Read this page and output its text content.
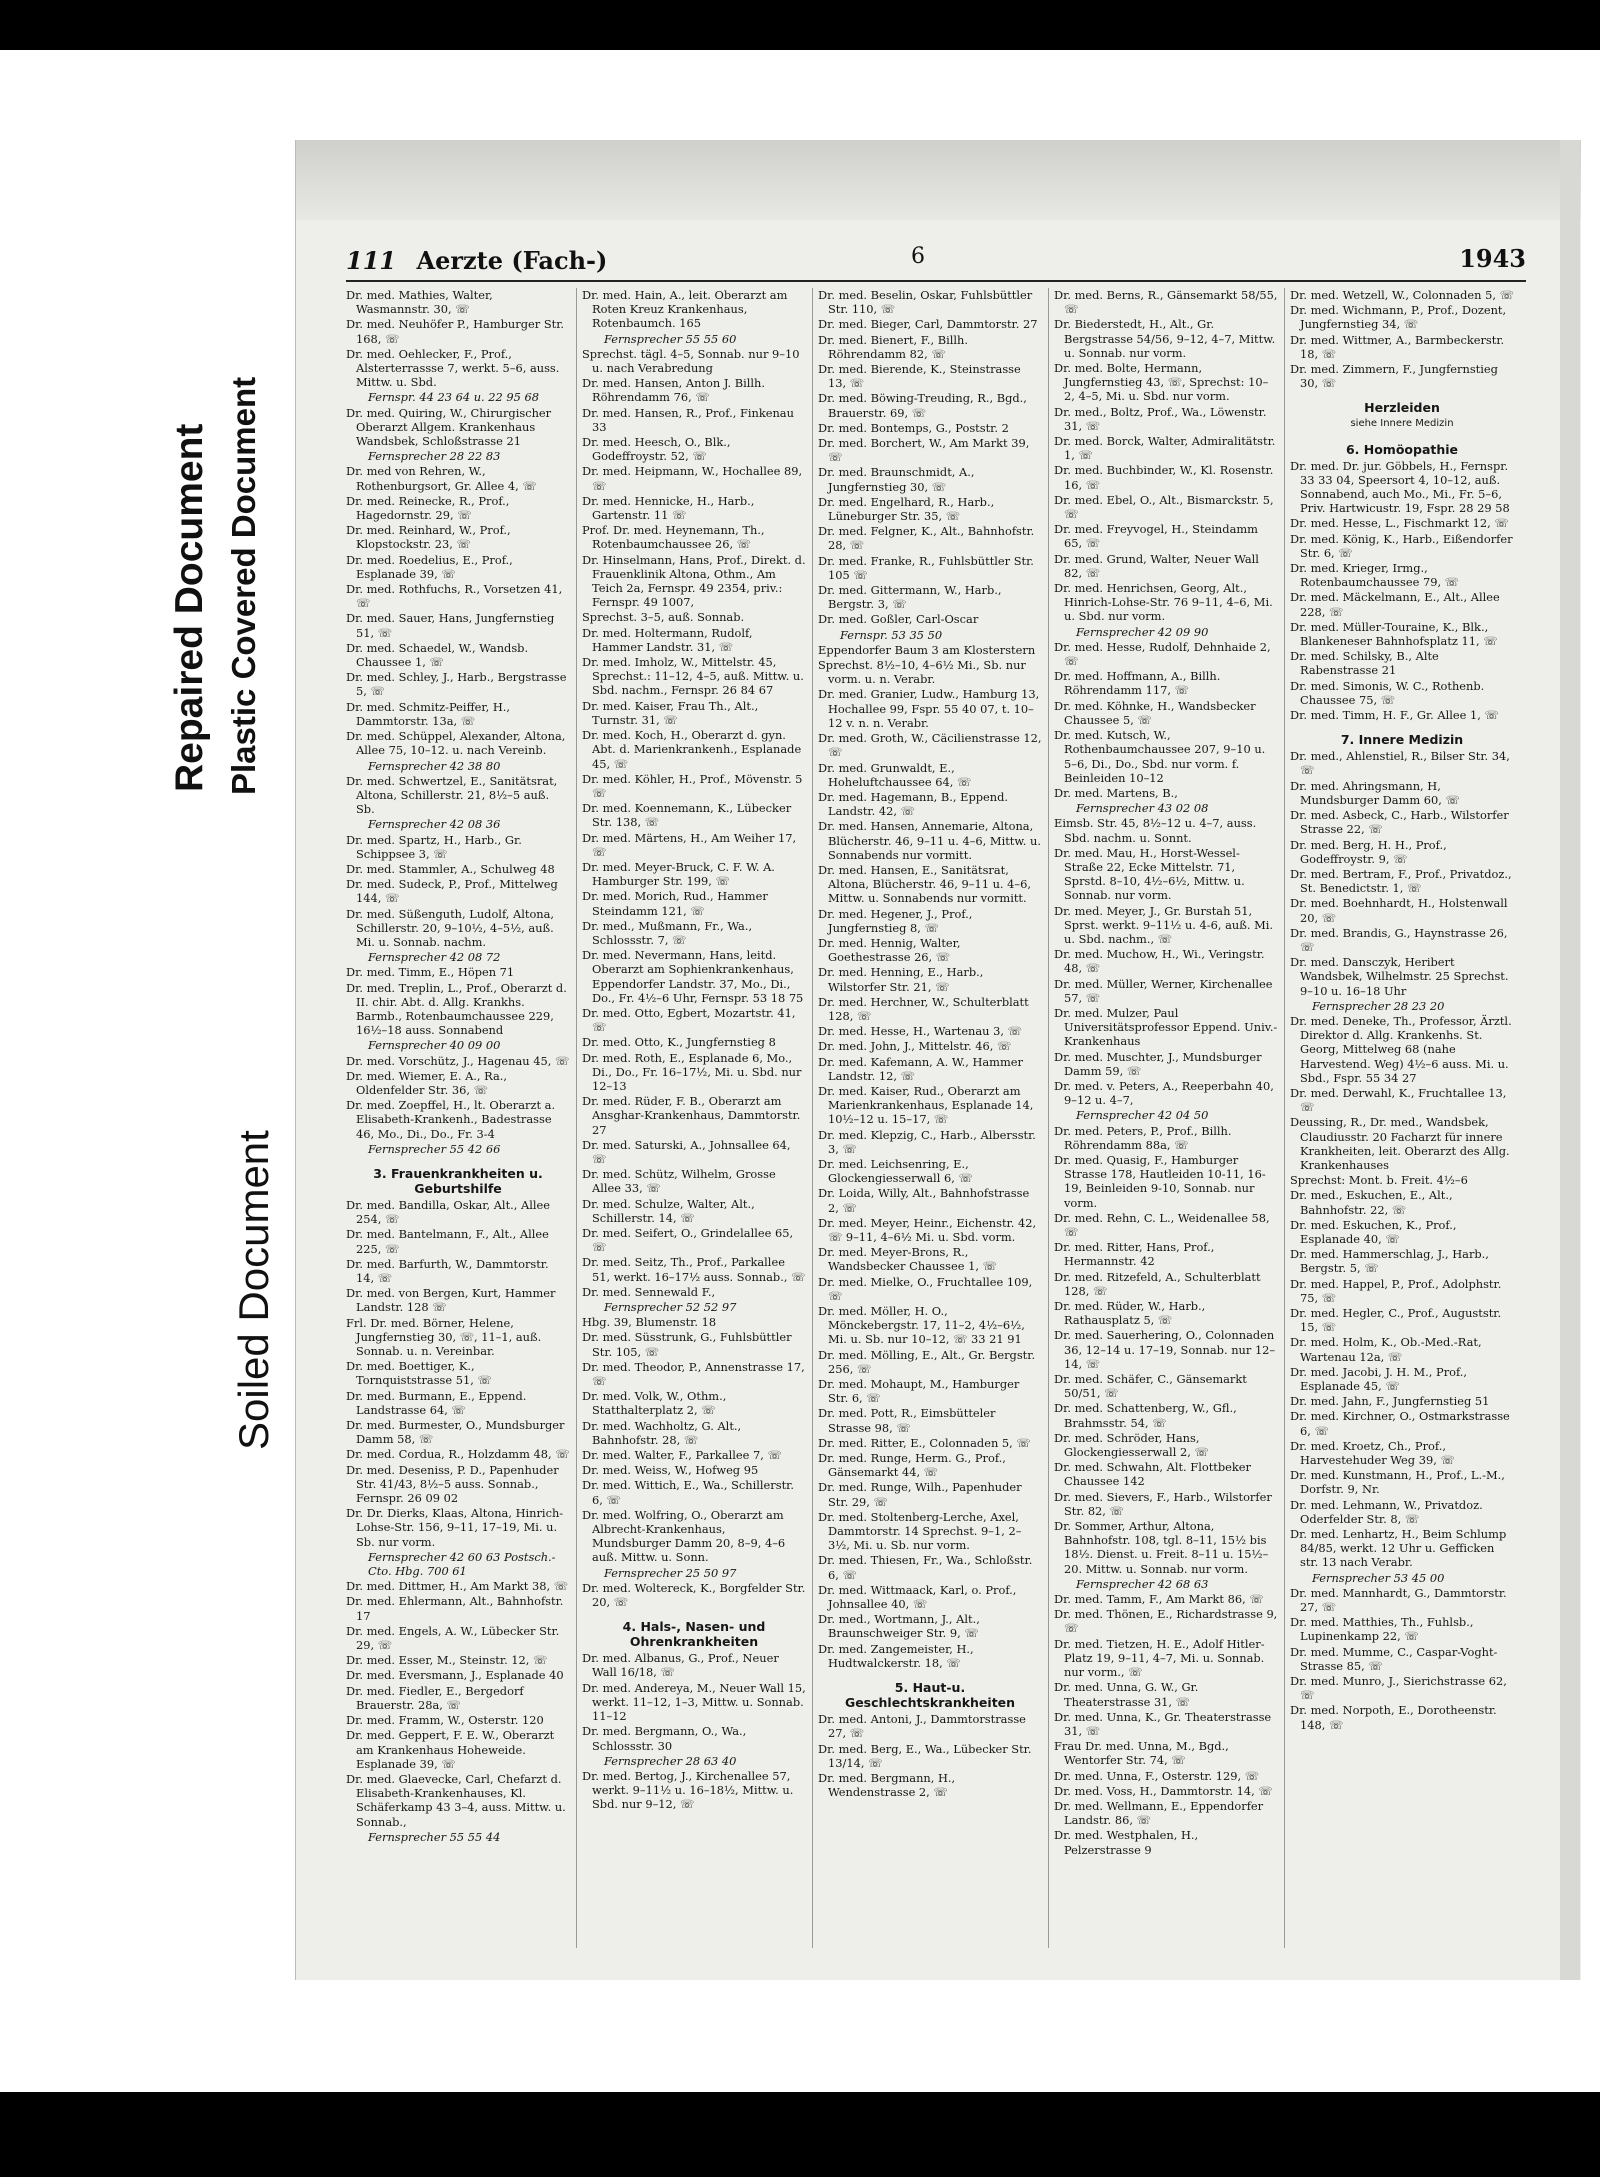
Repaired Document Plastic Covered Document
Soiled Document
111 Aerzte (Fach-)	6	1943
Dr. med. Mathies, Walter, Wasmannstr. 30, ☏
Dr. med. Neuhöfer P., Hamburger Str. 168, ☏
Dr. med. Oehlecker, F., Prof., Alsterterrassse 7, werkt. 5–6, auss. Mittw. u. Sbd.
Fernspr. 44 23 64 u. 22 95 68
Dr. med. Quiring, W., Chirurgischer Oberarzt Allgem. Krankenhaus Wandsbek, Schloßstrasse 21
Fernsprecher 28 22 83
Dr. med von Rehren, W., Rothenburgsort, Gr. Allee 4, ☏
Dr. med. Reinecke, R., Prof., Hagedornstr. 29, ☏
Dr. med. Reinhard, W., Prof., Klopstockstr. 23, ☏
Dr. med. Roedelius, E., Prof., Esplanade 39, ☏
Dr. med. Rothfuchs, R., Vorsetzen 41, ☏
Dr. med. Sauer, Hans, Jungfernstieg 51, ☏
Dr. med. Schaedel, W., Wandsb. Chaussee 1, ☏
Dr. med. Schley, J., Harb., Bergstrasse 5, ☏
Dr. med. Schmitz-Peiffer, H., Dammtorstr. 13a, ☏
Dr. med. Schüppel, Alexander, Altona, Allee 75, 10–12. u. nach Vereinb.
Fernsprecher 42 38 80
Dr. med. Schwertzel, E., Sanitätsrat, Altona, Schillerstr. 21, 8½–5 auß. Sb.
Fernsprecher 42 08 36
Dr. med. Spartz, H., Harb., Gr. Schippsee 3, ☏
Dr. med. Stammler, A., Schulweg 48
Dr. med. Sudeck, P., Prof., Mittelweg 144, ☏
Dr. med. Süßenguth, Ludolf, Altona, Schillerstr. 20, 9–10½, 4–5½, auß. Mi. u. Sonnab. nachm.
Fernsprecher 42 08 72
Dr. med. Timm, E., Höpen 71
Dr. med. Treplin, L., Prof., Oberarzt d. II. chir. Abt. d. Allg. Krankhs. Barmb., Rotenbaumchaussee 229, 16½–18 auss. Sonnabend
Fernsprecher 40 09 00
Dr. med. Vorschütz, J., Hagenau 45, ☏
Dr. med. Wiemer, E. A., Ra., Oldenfelder Str. 36, ☏
Dr. med. Zoepffel, H., lt. Oberarzt a. Elisabeth-Krankenh., Badestrasse 46, Mo., Di., Do., Fr. 3-4
Fernsprecher 55 42 66
3. Frauenkrankheiten u. Geburtshilfe
Dr. med. Bandilla, Oskar, Alt., Allee 254, ☏
Dr. med. Bantelmann, F., Alt., Allee 225, ☏
Dr. med. Barfurth, W., Dammtorstr. 14, ☏
Dr. med. von Bergen, Kurt, Hammer Landstr. 128 ☏
Frl. Dr. med. Börner, Helene, Jungfernstieg 30, ☏, 11–1, auß. Sonnab. u. n. Vereinbar.
Dr. med. Boettiger, K., Tornquiststrasse 51, ☏
Dr. med. Burmann, E., Eppend. Landstrasse 64, ☏
Dr. med. Burmester, O., Mundsburger Damm 58, ☏
Dr. med. Cordua, R., Holzdamm 48, ☏
Dr. med. Deseniss, P. D., Papenhuder Str. 41/43, 8½–5 auss. Sonnab., Fernspr. 26 09 02
Dr. Dr. Dierks, Klaas, Altona, Hinrich-Lohse-Str. 156, 9–11, 17–19, Mi. u. Sb. nur vorm.
Fernsprecher 42 60 63 Postsch.-Cto. Hbg. 700 61
Dr. med. Dittmer, H., Am Markt 38, ☏
Dr. med. Ehlermann, Alt., Bahnhofstr. 17
Dr. med. Engels, A. W., Lübecker Str. 29, ☏
Dr. med. Esser, M., Steinstr. 12, ☏
Dr. med. Eversmann, J., Esplanade 40
Dr. med. Fiedler, E., Bergedorf Brauerstr. 28a, ☏
Dr. med. Framm, W., Osterstr. 120
Dr. med. Geppert, F. E. W., Oberarzt am Krankenhaus Hoheweide. Esplanade 39, ☏
Dr. med. Glaevecke, Carl, Chefarzt d. Elisabeth-Krankenhauses, Kl. Schäferkamp 43 3–4, auss. Mittw. u. Sonnab.,
Fernsprecher 55 55 44
Dr. med. Hain, A., leit. Oberarzt am Roten Kreuz Krankenhaus, Rotenbaumch. 165
Fernsprecher 55 55 60
Sprechst. tägl. 4–5, Sonnab. nur 9–10 u. nach Verabredung
Dr. med. Hansen, Anton J. Billh. Röhrendamm 76, ☏
Dr. med. Hansen, R., Prof., Finkenau 33
Dr. med. Heesch, O., Blk., Godeffroystr. 52, ☏
Dr. med. Heipmann, W., Hochallee 89, ☏
Dr. med. Hennicke, H., Harb., Gartenstr. 11 ☏
Prof. Dr. med. Heynemann, Th., Rotenbaumchaussee 26, ☏
Dr. Hinselmann, Hans, Prof., Direkt. d. Frauenklinik Altona, Othm., Am Teich 2a, Fernspr. 49 2354, priv.: Fernspr. 49 1007,
Sprechst. 3–5, auß. Sonnab.
Dr. med. Holtermann, Rudolf, Hammer Landstr. 31, ☏
Dr. med. Imholz, W., Mittelstr. 45, Sprechst.: 11–12, 4–5, auß. Mittw. u. Sbd. nachm., Fernspr. 26 84 67
Dr. med. Kaiser, Frau Th., Alt., Turnstr. 31, ☏
Dr. med. Koch, H., Oberarzt d. gyn. Abt. d. Marienkrankenh., Esplanade 45, ☏
Dr. med. Köhler, H., Prof., Mövenstr. 5 ☏
Dr. med. Koennemann, K., Lübecker Str. 138, ☏
Dr. med. Märtens, H., Am Weiher 17, ☏
Dr. med. Meyer-Bruck, C. F. W. A. Hamburger Str. 199, ☏
Dr. med. Morich, Rud., Hammer Steindamm 121, ☏
Dr. med., Mußmann, Fr., Wa., Schlossstr. 7, ☏
Dr. med. Nevermann, Hans, leitd. Oberarzt am Sophienkrankenhaus, Eppendorfer Landstr. 37, Mo., Di., Do., Fr. 4½–6 Uhr, Fernspr. 53 18 75
Dr. med. Otto, Egbert, Mozartstr. 41, ☏
Dr. med. Otto, K., Jungfernstieg 8
Dr. med. Roth, E., Esplanade 6, Mo., Di., Do., Fr. 16–17½, Mi. u. Sbd. nur 12–13
Dr. med. Rüder, F. B., Oberarzt am Ansghar-Krankenhaus, Dammtorstr. 27
Dr. med. Saturski, A., Johnsallee 64, ☏
Dr. med. Schütz, Wilhelm, Grosse Allee 33, ☏
Dr. med. Schulze, Walter, Alt., Schillerstr. 14, ☏
Dr. med. Seifert, O., Grindelallee 65, ☏
Dr. med. Seitz, Th., Prof., Parkallee 51, werkt. 16–17½ auss. Sonnab., ☏
Dr. med. Sennewald F.,
Fernsprecher 52 52 97
Hbg. 39, Blumenstr. 18
Dr. med. Süsstrunk, G., Fuhlsbüttler Str. 105, ☏
Dr. med. Theodor, P., Annenstrasse 17, ☏
Dr. med. Volk, W., Othm., Statthalterplatz 2, ☏
Dr. med. Wachholtz, G. Alt., Bahnhofstr. 28, ☏
Dr. med. Walter, F., Parkallee 7, ☏
Dr. med. Weiss, W., Hofweg 95
Dr. med. Wittich, E., Wa., Schillerstr. 6, ☏
Dr. med. Wolfring, O., Oberarzt am Albrecht-Krankenhaus, Mundsburger Damm 20, 8–9, 4–6 auß. Mittw. u. Sonn.
Fernsprecher 25 50 97
Dr. med. Woltereck, K., Borgfelder Str. 20, ☏
4. Hals-, Nasen- und Ohrenkrankheiten
Dr. med. Albanus, G., Prof., Neuer Wall 16/18, ☏
Dr. med. Andereya, M., Neuer Wall 15, werkt. 11–12, 1–3, Mittw. u. Sonnab. 11–12
Dr. med. Bergmann, O., Wa., Schlossstr. 30
Fernsprecher 28 63 40
Dr. med. Bertog, J., Kirchenallee 57, werkt. 9–11½ u. 16–18½, Mittw. u. Sbd. nur 9–12, ☏
Dr. med. Beselin, Oskar, Fuhlsbüttler Str. 110, ☏
Dr. med. Bieger, Carl, Dammtorstr. 27
Dr. med. Bienert, F., Billh. Röhrendamm 82, ☏
Dr. med. Bierende, K., Steinstrasse 13, ☏
Dr. med. Böwing-Treuding, R., Bgd., Brauerstr. 69, ☏
Dr. med. Bontemps, G., Poststr. 2
Dr. med. Borchert, W., Am Markt 39, ☏
Dr. med. Braunschmidt, A., Jungfernstieg 30, ☏
Dr. med. Engelhard, R., Harb., Lüneburger Str. 35, ☏
Dr. med. Felgner, K., Alt., Bahnhofstr. 28, ☏
Dr. med. Franke, R., Fuhlsbüttler Str. 105 ☏
Dr. med. Gittermann, W., Harb., Bergstr. 3, ☏
Dr. med. Goßler, Carl-Oscar
Fernspr. 53 35 50
Eppendorfer Baum 3 am Klosterstern
Sprechst. 8½–10, 4–6½ Mi., Sb. nur vorm. u. n. Verabr.
Dr. med. Granier, Ludw., Hamburg 13, Hochallee 99, Fspr. 55 40 07, t. 10–12 v. n. n. Verabr.
Dr. med. Groth, W., Cäcilienstrasse 12, ☏
Dr. med. Grunwaldt, E., Hoheluftchaussee 64, ☏
Dr. med. Hagemann, B., Eppend. Landstr. 42, ☏
Dr. med. Hansen, Annemarie, Altona, Blücherstr. 46, 9–11 u. 4–6, Mittw. u. Sonnabends nur vormitt.
Dr. med. Hansen, E., Sanitätsrat, Altona, Blücherstr. 46, 9–11 u. 4–6, Mittw. u. Sonnabends nur vormitt.
Dr. med. Hegener, J., Prof., Jungfernstieg 8, ☏
Dr. med. Hennig, Walter, Goethestrasse 26, ☏
Dr. med. Henning, E., Harb., Wilstorfer Str. 21, ☏
Dr. med. Herchner, W., Schulterblatt 128, ☏
Dr. med. Hesse, H., Wartenau 3, ☏
Dr. med. John, J., Mittelstr. 46, ☏
Dr. med. Kafemann, A. W., Hammer Landstr. 12, ☏
Dr. med. Kaiser, Rud., Oberarzt am Marienkrankenhaus, Esplanade 14, 10½–12 u. 15–17, ☏
Dr. med. Klepzig, C., Harb., Albersstr. 3, ☏
Dr. med. Leichsenring, E., Glockengiesserwall 6, ☏
Dr. Loida, Willy, Alt., Bahnhofstrasse 2, ☏
Dr. med. Meyer, Heinr., Eichenstr. 42, ☏ 9–11, 4–6½ Mi. u. Sbd. vorm.
Dr. med. Meyer-Brons, R., Wandsbecker Chaussee 1, ☏
Dr. med. Mielke, O., Fruchtallee 109, ☏
Dr. med. Möller, H. O., Mönckebergstr. 17, 11–2, 4½–6½, Mi. u. Sb. nur 10–12, ☏ 33 21 91
Dr. med. Mölling, E., Alt., Gr. Bergstr. 256, ☏
Dr. med. Mohaupt, M., Hamburger Str. 6, ☏
Dr. med. Pott, R., Eimsbütteler Strasse 98, ☏
Dr. med. Ritter, E., Colonnaden 5, ☏
Dr. med. Runge, Herm. G., Prof., Gänsemarkt 44, ☏
Dr. med. Runge, Wilh., Papenhuder Str. 29, ☏
Dr. med. Stoltenberg-Lerche, Axel, Dammtorstr. 14 Sprechst. 9–1, 2–3½, Mi. u. Sb. nur vorm.
Dr. med. Thiesen, Fr., Wa., Schloßstr. 6, ☏
Dr. med. Wittmaack, Karl, o. Prof., Johnsallee 40, ☏
Dr. med., Wortmann, J., Alt., Braunschweiger Str. 9, ☏
Dr. med. Zangemeister, H., Hudtwalckerstr. 18, ☏
5. Haut-u. Geschlechtskrankheiten
Dr. med. Antoni, J., Dammtorstrasse 27, ☏
Dr. med. Berg, E., Wa., Lübecker Str. 13/14, ☏
Dr. med. Bergmann, H., Wendenstrasse 2, ☏
Dr. med. Berns, R., Gänsemarkt 58/55, ☏
Dr. Biederstedt, H., Alt., Gr. Bergstrasse 54/56, 9–12, 4–7, Mittw. u. Sonnab. nur vorm.
Dr. med. Bolte, Hermann, Jungfernstieg 43, ☏, Sprechst: 10–2, 4–5, Mi. u. Sbd. nur vorm.
Dr. med., Boltz, Prof., Wa., Löwenstr. 31, ☏
Dr. med. Borck, Walter, Admiralitätstr. 1, ☏
Dr. med. Buchbinder, W., Kl. Rosenstr. 16, ☏
Dr. med. Ebel, O., Alt., Bismarckstr. 5, ☏
Dr. med. Freyvogel, H., Steindamm 65, ☏
Dr. med. Grund, Walter, Neuer Wall 82, ☏
Dr. med. Henrichsen, Georg, Alt., Hinrich-Lohse-Str. 76 9–11, 4–6, Mi. u. Sbd. nur vorm.
Fernsprecher 42 09 90
Dr. med. Hesse, Rudolf, Dehnhaide 2, ☏
Dr. med. Hoffmann, A., Billh. Röhrendamm 117, ☏
Dr. med. Köhnke, H., Wandsbecker Chaussee 5, ☏
Dr. med. Kutsch, W., Rothenbaumchaussee 207, 9–10 u. 5–6, Di., Do., Sbd. nur vorm. f. Beinleiden 10–12
Dr. med. Martens, B.,
Fernsprecher 43 02 08
Eimsb. Str. 45, 8½–12 u. 4–7, auss. Sbd. nachm. u. Sonnt.
Dr. med. Mau, H., Horst-Wessel-Straße 22, Ecke Mittelstr. 71, Sprstd. 8–10, 4½–6½, Mittw. u. Sonnab. nur vorm.
Dr. med. Meyer, J., Gr. Burstah 51, Sprst. werkt. 9–11½ u. 4-6, auß. Mi. u. Sbd. nachm., ☏
Dr. med. Muchow, H., Wi., Veringstr. 48, ☏
Dr. med. Müller, Werner, Kirchenallee 57, ☏
Dr. med. Mulzer, Paul Universitätsprofessor Eppend. Univ.-Krankenhaus
Dr. med. Muschter, J., Mundsburger Damm 59, ☏
Dr. med. v. Peters, A., Reeperbahn 40, 9–12 u. 4–7,
Fernsprecher 42 04 50
Dr. med. Peters, P., Prof., Billh. Röhrendamm 88a, ☏
Dr. med. Quasig, F., Hamburger Strasse 178, Hautleiden 10-11, 16-19, Beinleiden 9-10, Sonnab. nur vorm.
Dr. med. Rehn, C. L., Weidenallee 58, ☏
Dr. med. Ritter, Hans, Prof., Hermannstr. 42
Dr. med. Ritzefeld, A., Schulterblatt 128, ☏
Dr. med. Rüder, W., Harb., Rathausplatz 5, ☏
Dr. med. Sauerhering, O., Colonnaden 36, 12–14 u. 17–19, Sonnab. nur 12–14, ☏
Dr. med. Schäfer, C., Gänsemarkt 50/51, ☏
Dr. med. Schattenberg, W., Gfl., Brahmsstr. 54, ☏
Dr. med. Schröder, Hans, Glockengiesserwall 2, ☏
Dr. med. Schwahn, Alt. Flottbeker Chaussee 142
Dr. med. Sievers, F., Harb., Wilstorfer Str. 82, ☏
Dr. Sommer, Arthur, Altona, Bahnhofstr. 108, tgl. 8–11, 15½ bis 18½. Dienst. u. Freit. 8–11 u. 15½–20. Mittw. u. Sonnab. nur vorm.
Fernsprecher 42 68 63
Dr. med. Tamm, F., Am Markt 86, ☏
Dr. med. Thönen, E., Richardstrasse 9, ☏
Dr. med. Tietzen, H. E., Adolf Hitler-Platz 19, 9–11, 4–7, Mi. u. Sonnab. nur vorm., ☏
Dr. med. Unna, G. W., Gr. Theaterstrasse 31, ☏
Dr. med. Unna, K., Gr. Theaterstrasse 31, ☏
Frau Dr. med. Unna, M., Bgd., Wentorfer Str. 74, ☏
Dr. med. Unna, F., Osterstr. 129, ☏
Dr. med. Voss, H., Dammtorstr. 14, ☏
Dr. med. Wellmann, E., Eppendorfer Landstr. 86, ☏
Dr. med. Westphalen, H., Pelzerstrasse 9
Dr. med. Wetzell, W., Colonnaden 5, ☏
Dr. med. Wichmann, P., Prof., Dozent, Jungfernstieg 34, ☏
Dr. med. Wittmer, A., Barmbeckerstr. 18, ☏
Dr. med. Zimmern, F., Jungfernstieg 30, ☏
Herzleiden
siehe Innere Medizin
6. Homöopathie
Dr. med. Dr. jur. Göbbels, H., Fernspr. 33 33 04, Speersort 4, 10–12, auß. Sonnabend, auch Mo., Mi., Fr. 5–6, Priv. Hartwicustr. 19, Fspr. 28 29 58
Dr. med. Hesse, L., Fischmarkt 12, ☏
Dr. med. König, K., Harb., Eißendorfer Str. 6, ☏
Dr. med. Krieger, Irmg., Rotenbaumchaussee 79, ☏
Dr. med. Mäckelmann, E., Alt., Allee 228, ☏
Dr. med. Müller-Touraine, K., Blk., Blankeneser Bahnhofsplatz 11, ☏
Dr. med. Schilsky, B., Alte Rabenstrasse 21
Dr. med. Simonis, W. C., Rothenb. Chaussee 75, ☏
Dr. med. Timm, H. F., Gr. Allee 1, ☏
7. Innere Medizin
Dr. med., Ahlenstiel, R., Bilser Str. 34, ☏
Dr. med. Ahringsmann, H, Mundsburger Damm 60, ☏
Dr. med. Asbeck, C., Harb., Wilstorfer Strasse 22, ☏
Dr. med. Berg, H. H., Prof., Godeffroystr. 9, ☏
Dr. med. Bertram, F., Prof., Privatdoz., St. Benedictstr. 1, ☏
Dr. med. Boehnhardt, H., Holstenwall 20, ☏
Dr. med. Brandis, G., Haynstrasse 26, ☏
Dr. med. Dansczyk, Heribert Wandsbek, Wilhelmstr. 25 Sprechst. 9–10 u. 16–18 Uhr
Fernsprecher 28 23 20
Dr. med. Deneke, Th., Professor, Ärztl. Direktor d. Allg. Krankenhs. St. Georg, Mittelweg 68 (nahe Harvestend. Weg) 4½–6 auss. Mi. u. Sbd., Fspr. 55 34 27
Dr. med. Derwahl, K., Fruchtallee 13, ☏
Deussing, R., Dr. med., Wandsbek, Claudiusstr. 20 Facharzt für innere Krankheiten, leit. Oberarzt des Allg. Krankenhauses
Sprechst: Mont. b. Freit. 4½–6
Dr. med., Eskuchen, E., Alt., Bahnhofstr. 22, ☏
Dr. med. Eskuchen, K., Prof., Esplanade 40, ☏
Dr. med. Hammerschlag, J., Harb., Bergstr. 5, ☏
Dr. med. Happel, P., Prof., Adolphstr. 75, ☏
Dr. med. Hegler, C., Prof., Auguststr. 15, ☏
Dr. med. Holm, K., Ob.-Med.-Rat, Wartenau 12a, ☏
Dr. med. Jacobi, J. H. M., Prof., Esplanade 45, ☏
Dr. med. Jahn, F., Jungfernstieg 51
Dr. med. Kirchner, O., Ostmarkstrasse 6, ☏
Dr. med. Kroetz, Ch., Prof., Harvestehuder Weg 39, ☏
Dr. med. Kunstmann, H., Prof., L.-M., Dorfstr. 9, Nr.
Dr. med. Lehmann, W., Privatdoz. Oderfelder Str. 8, ☏
Dr. med. Lenhartz, H., Beim Schlump 84/85, werkt. 12 Uhr u. Gefficken str. 13 nach Verabr.
Fernsprecher 53 45 00
Dr. med. Mannhardt, G., Dammtorstr. 27, ☏
Dr. med. Matthies, Th., Fuhlsb., Lupinenkamp 22, ☏
Dr. med. Mumme, C., Caspar-Voght-Strasse 85, ☏
Dr. med. Munro, J., Sierichstrasse 62, ☏
Dr. med. Norpoth, E., Dorotheenstr. 148, ☏
